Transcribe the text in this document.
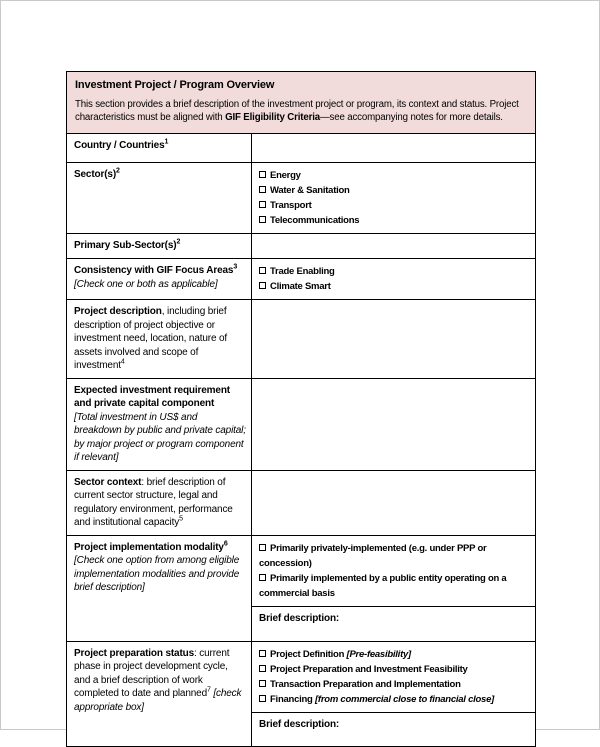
Investment Project / Program Overview
This section provides a brief description of the investment project or program, its context and status. Project characteristics must be aligned with GIF Eligibility Criteria—see accompanying notes for more details.
Country / Countries$^1$
$Sector(s)^2$	Energy
Water & Sanitation
Transport
Telecommunications
Primary Sub-$Sector(s)^2$
Consistency with GIF Focus Areas$^3$
[Check one or both as applicable]
Trade Enabling
Climate Smart
Project description, including brief description of project objective or investment need, location, nature of assets involved and scope of investment$^4$
Expected investment requirement and private capital component
[Total investment in US$ and breakdown by public and private capital; by major project or program component if relevant]
Sector context: brief description of current sector structure, legal and regulatory environment, performance and institutional capacity$^5$
Project implementation modality$^6$
[Check one option from among eligible implementation modalities and provide brief description]
Primarily privately-implemented (e.g. under PPP or concession)
Primarily implemented by a public entity operating on a commercial basis
Brief description:
Project preparation status: current phase in project development cycle, and a brief description of work completed to date and planned$^7$ [check appropriate box]
Project Definition [Pre-feasibility]
Project Preparation and Investment Feasibility
Transaction Preparation and Implementation
Financing [from commercial close to financial close]
Brief description:
